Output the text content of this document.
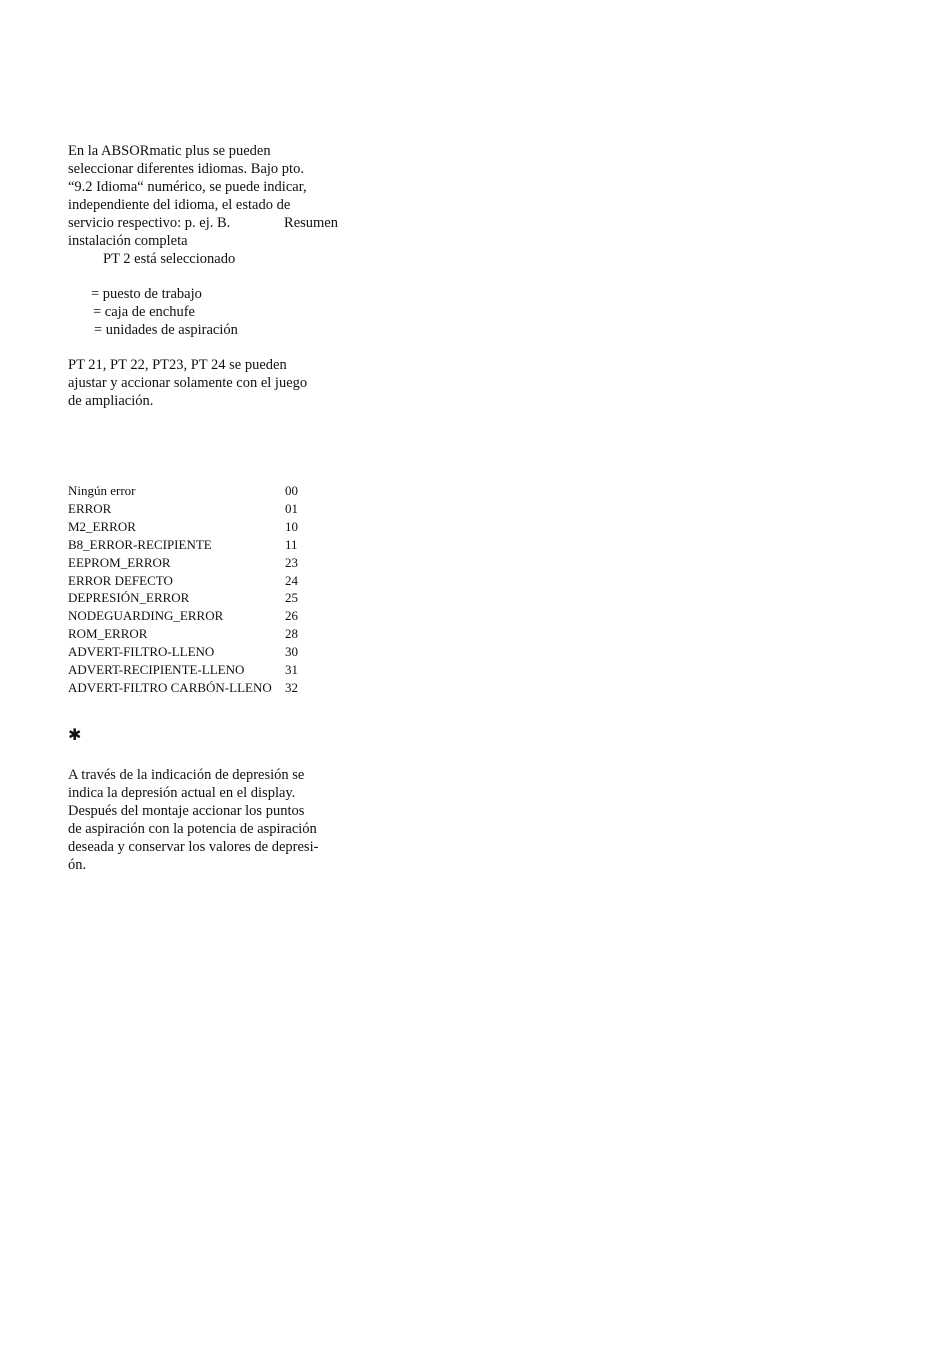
En la ABSORmatic plus se pueden
seleccionar diferentes idiomas. Bajo pto.
“9.2 Idioma“ numérico, se puede indicar,
independiente del idioma, el estado de
servicio respectivo: p. ej. B.	Resumen
instalación completa
PT 2 está seleccionado
= puesto de trabajo
= caja de enchufe
= unidades de aspiración
PT 21, PT 22, PT23, PT 24 se pueden
ajustar y accionar solamente con el juego
de ampliación.
Ningún error	00
ERROR	01
M2_ERROR	10
B8_ERROR-RECIPIENTE	11
EEPROM_ERROR	23
ERROR DEFECTO	24
DEPRESIÓN_ERROR	25
NODEGUARDING_ERROR	26
ROM_ERROR	28
ADVERT-FILTRO-LLENO	30
ADVERT-RECIPIENTE-LLENO	31
ADVERT-FILTRO CARBÓN-LLENO	32
✱
A través de la indicación de depresión se
indica la depresión actual en el display.
Después del montaje accionar los puntos
de aspiración con la potencia de aspiración
deseada y conservar los valores de depresi-
ón.
